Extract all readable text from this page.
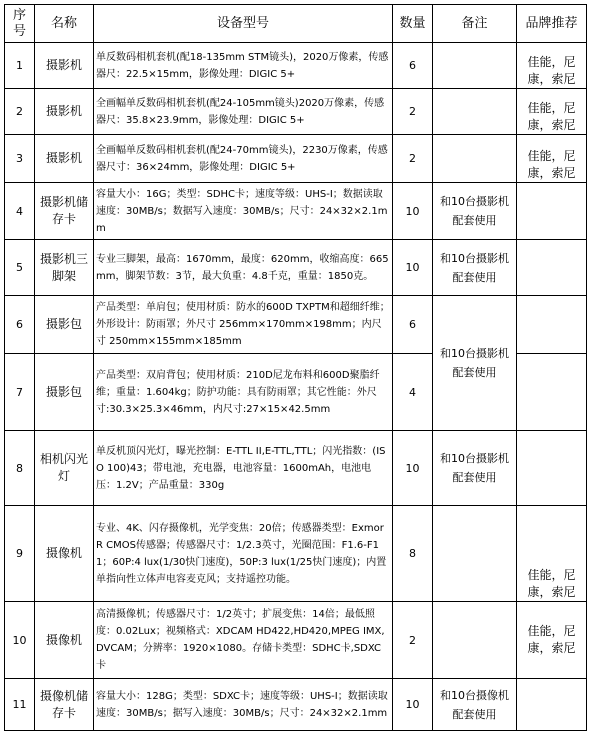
序号	名称	设备型号	数量	备注	品牌推荐
1	摄影机	单反数码相机套机(配18-135mm STM镜头)，2020万像素，传感器尺：22.5×15mm，影像处理：DIGIC 5+	6		佳能，尼康，索尼
2	摄影机	全画幅单反数码相机套机(配24-105mm镜头)2020万像素，传感器尺：35.8×23.9mm，影像处理：DIGIC 5+	2		佳能，尼康，索尼
3	摄影机	全画幅单反数码相机套机(配24-70mm镜头)，2230万像素，传感器尺寸：36×24mm，影像处理：DIGIC 5+	2		佳能，尼康，索尼
4	摄影机储存卡	容量大小：16G；类型：SDHC卡；速度等级：UHS-I；数据读取速度：30MB/s；数据写入速度：30MB/s；尺寸：24×32×2.1mm	10	和10台摄影机配套使用	
5	摄影机三脚架	专业三脚架，最高：1670mm，最度：620mm，收缩高度：665mm，脚架节数：3节，最大负重：4.8千克，重量：1850克。	10	和10台摄影机配套使用	
6	摄影包	产品类型：单肩包；使用材质：防水的600D TXPTM和超细纤维；外形设计：防雨罩；外尺寸 256mm×170mm×198mm；内尺寸 250mm×155mm×185mm	6	和10台摄影机配套使用	
7	摄影包	产品类型：双肩背包；使用材质：210D尼龙布料和600D聚脂纤维；重量：1.604kg；防护功能：具有防雨罩；其它性能：外尺寸:30.3×25.3×46mm，内尺寸:27×15×42.5mm	4		
8	相机闪光灯	单反机顶闪光灯，曝光控制：E-TTL II,E-TTL,TTL；闪光指数：(ISO 100)43；带电池，充电器，电池容量：1600mAh，电池电压：1.2V；产品重量：330g	10	和10台摄影机配套使用	
9	摄像机	专业、4K、闪存摄像机，光学变焦：20倍；传感器类型：Exmor R CMOS传感器；传感器尺寸：1/2.3英寸，光圈范围：F1.6-F11；60P:4 lux(1/30快门速度)，50P:3 lux(1/25快门速度)；内置单指向性立体声电容麦克风；支持遥控功能。	8		佳能，尼康，索尼
10	摄像机	高清摄像机；传感器尺寸：1/2英寸；扩展变焦：14倍；最低照度：0.02Lux；视频格式：XDCAM HD422,HD420,MPEG IMX,DVCAM；分辨率：1920×1080。存储卡类型：SDHC卡,SDXC卡	2		佳能，尼康，索尼
11	摄像机储存卡	容量大小：128G；类型：SDXC卡；速度等级：UHS-I；数据读取速度：30MB/s；据写入速度：30MB/s；尺寸：24×32×2.1mm	10	和10台摄像机配套使用	
